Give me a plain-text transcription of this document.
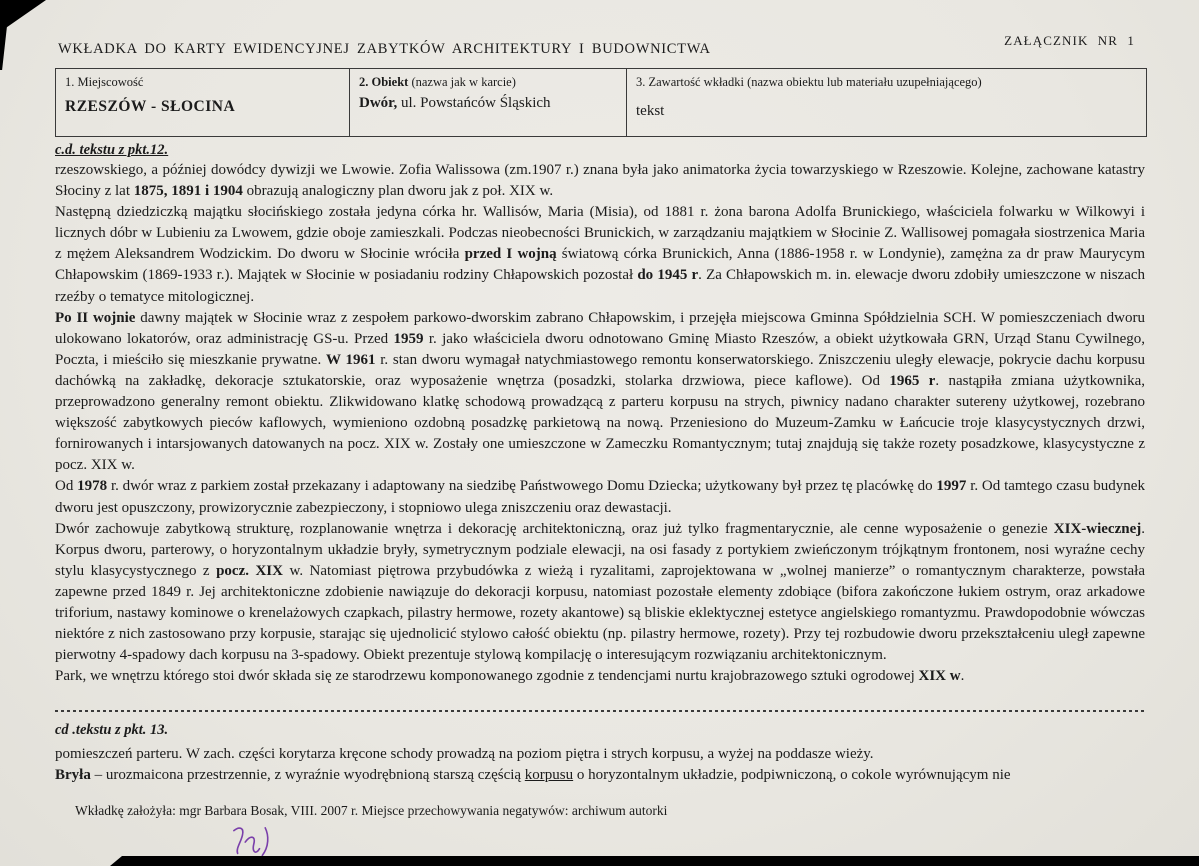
ZAŁĄCZNIK NR 1
WKŁADKA DO KARTY EWIDENCYJNEJ ZABYTKÓW ARCHITEKTURY I BUDOWNICTWA
1. Miejscowość
RZESZÓW - SŁOCINA
2. Obiekt (nazwa jak w karcie)
Dwór, ul. Powstańców Śląskich
3. Zawartość wkładki (nazwa obiektu lub materiału uzupełniającego)
tekst
c.d. tekstu z pkt.12.

rzeszowskiego, a później dowódcy dywizji we Lwowie. Zofia Walissowa (zm.1907 r.) znana była jako animatorka życia towarzyskiego w Rzeszowie. Kolejne, zachowane katastry Słociny z lat 1875, 1891 i 1904 obrazują analogiczny plan dworu jak z poł. XIX w.

Następną dziedziczką majątku słocińskiego została jedyna córka hr. Wallisów, Maria (Misia), od 1881 r. żona barona Adolfa Brunickiego, właściciela folwarku w Wilkowyi i licznych dóbr w Lubieniu za Lwowem, gdzie oboje zamieszkali. Podczas nieobecności Brunickich, w zarządzaniu majątkiem w Słocinie Z. Wallisowej pomagała siostrzenica Maria z mężem Aleksandrem Wodzickim. Do dworu w Słocinie wróciła przed I wojną światową córka Brunickich, Anna (1886-1958 r. w Londynie), zamężna za dr praw Maurycym Chłapowskim (1869-1933 r.). Majątek w Słocinie w posiadaniu rodziny Chłapowskich pozostał do 1945 r. Za Chłapowskich m. in. elewacje dworu zdobiły umieszczone w niszach rzeźby o tematyce mitologicznej.

Po II wojnie dawny majątek w Słocinie wraz z zespołem parkowo-dworskim zabrano Chłapowskim, i przejęła miejscowa Gminna Spółdzielnia SCH. W pomieszczeniach dworu ulokowano lokatorów, oraz administrację GS-u. Przed 1959 r. jako właściciela dworu odnotowano Gminę Miasto Rzeszów, a obiekt użytkowała GRN, Urząd Stanu Cywilnego, Poczta, i mieściło się mieszkanie prywatne. W 1961 r. stan dworu wymagał natychmiastowego remontu konserwatorskiego. Zniszczeniu uległy elewacje, pokrycie dachu korpusu dachówką na zakładkę, dekoracje sztukatorskie, oraz wyposażenie wnętrza (posadzki, stolarka drzwiowa, piece kaflowe). Od 1965 r. nastąpiła zmiana użytkownika, przeprowadzono generalny remont obiektu. Zlikwidowano klatkę schodową prowadzącą z parteru korpusu na strych, piwnicy nadano charakter sutereny użytkowej, rozebrano większość zabytkowych pieców kaflowych, wymieniono ozdobną posadzkę parkietową na nową. Przeniesiono do Muzeum-Zamku w Łańcucie troje klasycystycznych drzwi, fornirowanych i intarsjowanych datowanych na pocz. XIX w. Zostały one umieszczone w Zameczku Romantycznym; tutaj znajdują się także rozety posadzkowe, klasycystyczne z pocz. XIX w.

Od 1978 r. dwór wraz z parkiem został przekazany i adaptowany na siedzibę Państwowego Domu Dziecka; użytkowany był przez tę placówkę do 1997 r. Od tamtego czasu budynek dworu jest opuszczony, prowizorycznie zabezpieczony, i stopniowo ulega zniszczeniu oraz dewastacji.

Dwór zachowuje zabytkową strukturę, rozplanowanie wnętrza i dekorację architektoniczną, oraz już tylko fragmentarycznie, ale cenne wyposażenie o genezie XIX-wiecznej. Korpus dworu, parterowy, o horyzontalnym układzie bryły, symetrycznym podziale elewacji, na osi fasady z portykiem zwieńczonym trójkątnym frontonem, nosi wyraźne cechy stylu klasycystycznego z pocz. XIX w. Natomiast piętrowa przybudówka z wieżą i ryzalitami, zaprojektowana w „wolnej manierze” o romantycznym charakterze, powstała zapewne przed 1849 r. Jej architektoniczne zdobienie nawiązuje do dekoracji korpusu, natomiast pozostałe elementy zdobiące (bifora zakończone łukiem ostrym, oraz arkadowe triforium, nastawy kominowe o krenelażowych czapkach, pilastry hermowe, rozety akantowe) są bliskie eklektycznej estetyce angielskiego romantyzmu. Prawdopodobnie wówczas niektóre z nich zastosowano przy korpusie, starając się ujednolicić stylowo całość obiektu (np. pilastry hermowe, rozety). Przy tej rozbudowie dworu przekształceniu uległ zapewne pierwotny 4-spadowy dach korpusu na 3-spadowy. Obiekt prezentuje stylową kompilację o interesującym rozwiązaniu architektonicznym.

Park, we wnętrzu którego stoi dwór składa się ze starodrzewu komponowanego zgodnie z tendencjami nurtu krajobrazowego sztuki ogrodowej XIX w.

cd .tekstu z pkt. 13.

pomieszczeń parteru. W zach. części korytarza kręcone schody prowadzą na poziom piętra i strych korpusu, a wyżej na poddasze wieży.

Bryła – urozmaicona przestrzennie, z wyraźnie wyodrębnioną starszą częścią korpusu o horyzontalnym układzie, podpiwniczoną, o cokole wyrównującym nie

Wkładkę założyła: mgr Barbara Bosak, VIII. 2007 r. Miejsce przechowywania negatywów: archiwum autorki
